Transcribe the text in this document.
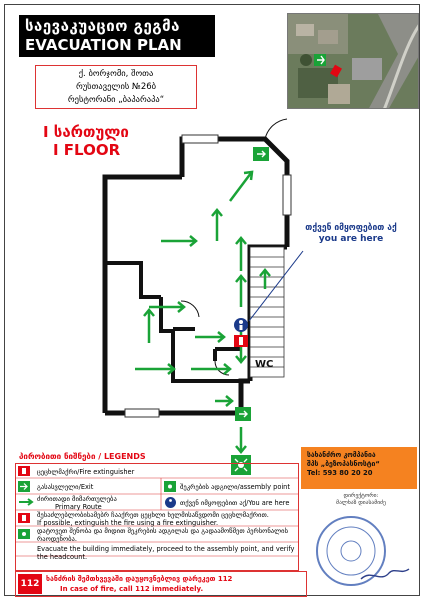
საევაკუაციო გეგმა
EVACUATION PLAN
ქ. ბორჯომი, შოთა
რუსთაველის №26ბ
რესტორანი „ბაპარაპა“
I სართული
I FLOOR
WC
თქვენ იმყოფებით აქ
you are here
პირობითი ნიშნები / LEGENDS
ცეცხლმაქრი/Fire extinguisher
გასასვლელი/Exit	შეკრების ადგილი/assembly point
ძირითადი მიმართულება
Primary Route	თქვენ იმყოფებით აქ/You are here
შესაძლებლობისამებრ ჩააქრეთ ცეცხლი ხელმისაწვდომი ცეცხლმაქრით.
If possible, extinguish the fire using a fire extinguisher.
დატოვეთ შენობა და მიდით შეკრების ადგილას და გადაამოწმეთ პერსონალის რაოდენობა.
Evacuate the building immediately, proceed to the assembly point, and verify the headcount.
112 ხანძრის შემთხვევაში დაუყოვნებლივ დარეკეთ 112
In case of fire, call 112 immediately.
სახანძრო კომპანია
შპს „ბეზოპასნოსტი“
Tel: 593 80 20 20
დირექტორი:
მალხაზ დიასამიძე
